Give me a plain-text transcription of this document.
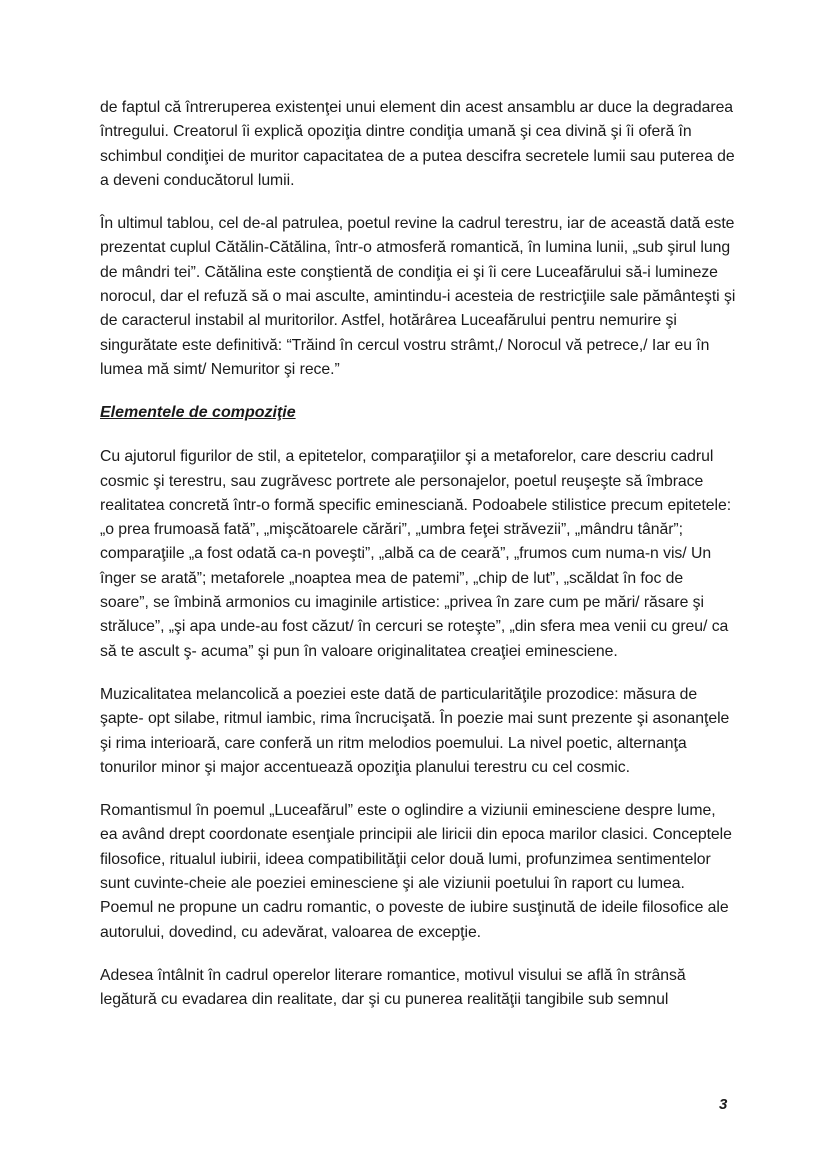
de faptul că întreruperea existenţei unui element din acest ansamblu ar duce la degradarea întregului. Creatorul îi explică opoziţia dintre condiţia umană şi cea divină şi îi oferă în schimbul condiţiei de muritor capacitatea de a putea descifra secretele lumii sau puterea de a deveni conducătorul lumii.

În ultimul tablou, cel de-al patrulea, poetul revine la cadrul terestru, iar de această dată este prezentat cuplul Cătălin-Cătălina, într-o atmosferă romantică, în lumina lunii, „sub şirul lung de mândri tei”. Cătălina este conştientă de condiţia ei şi îi cere Luceafărului să-i lumineze norocul, dar el refuză să o mai asculte, amintindu-i acesteia de restricţiile sale pământeşti şi de caracterul instabil al muritorilor. Astfel, hotărârea Luceafărului pentru nemurire şi singurătate este definitivă: “Trăind în cercul vostru strâmt,/ Norocul vă petrece,/ Iar eu în lumea mă simt/ Nemuritor şi rece.”

Elementele de compoziţie

Cu ajutorul figurilor de stil, a epitetelor, comparaţiilor şi a metaforelor, care descriu cadrul cosmic şi terestru, sau zugrăvesc portrete ale personajelor, poetul reuşeşte să îmbrace realitatea concretă într-o formă specific eminesciană. Podoabele stilistice precum epitetele: „o prea frumoasă fată”, „mişcătoarele cărări”, „umbra feţei străvezii”, „mândru tânăr”; comparaţiile „a fost odată ca-n poveşti”, „albă ca de ceară”, „frumos cum numa-n vis/ Un înger se arată”; metaforele „noaptea mea de patemi”, „chip de lut”, „scăldat în foc de soare”, se îmbină armonios cu imaginile artistice: „privea în zare cum pe mări/ răsare şi străluce”, „şi apa unde-au fost căzut/ în cercuri se roteşte”, „din sfera mea venii cu greu/ ca să te ascult ş- acuma” şi pun în valoare originalitatea creaţiei eminesciene.

Muzicalitatea melancolică a poeziei este dată de particularităţile prozodice: măsura de şapte- opt silabe, ritmul iambic, rima încrucişată. În poezie mai sunt prezente şi asonanţele şi rima interioară, care conferă un ritm melodios poemului. La nivel poetic, alternanţa tonurilor minor şi major accentuează opoziţia planului terestru cu cel cosmic.

Romantismul în poemul „Luceafărul” este o oglindire a viziunii eminesciene despre lume, ea având drept coordonate esenţiale principii ale liricii din epoca marilor clasici. Conceptele filosofice, ritualul iubirii, ideea compatibilităţii celor două lumi, profunzimea sentimentelor sunt cuvinte-cheie ale poeziei eminesciene şi ale viziunii poetului în raport cu lumea. Poemul ne propune un cadru romantic, o poveste de iubire susţinută de ideile filosofice ale autorului, dovedind, cu adevărat, valoarea de excepţie.

Adesea întâlnit în cadrul operelor literare romantice, motivul visului se află în strânsă legătură cu evadarea din realitate, dar şi cu punerea realităţii tangibile sub semnul

3
